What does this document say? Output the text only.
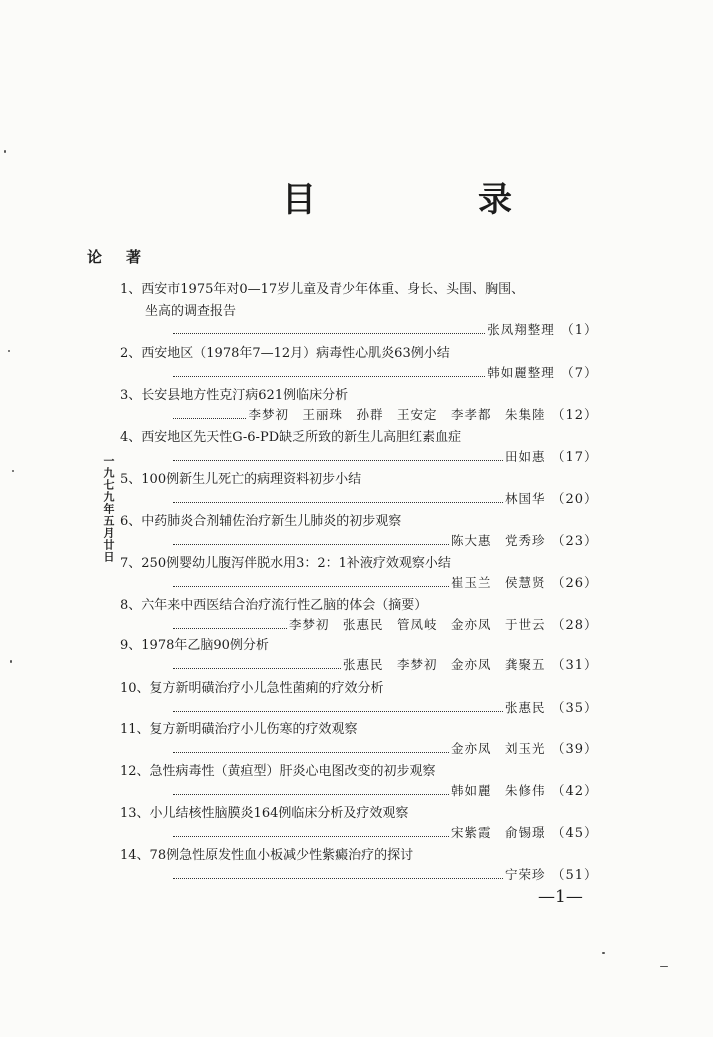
目　录
论著
一九七九年五月廿日
1、西安市1975年对0—17岁儿童及青少年体重、身长、头围、胸围、
坐高的调查报告
张凤翔整理 （1）
2、西安地区（1978年7—12月）病毒性心肌炎63例小结
韩如麗整理 （7）
3、长安县地方性克汀病621例临床分析
李梦初　王丽珠　孙群　王安定　李孝都　朱集陸 （12）
4、西安地区先天性G-6-PD缺乏所致的新生儿高胆红素血症
田如惠 （17）
5、100例新生儿死亡的病理资料初步小结
林国华 （20）
6、中药肺炎合剂辅佐治疗新生儿肺炎的初步观察
陈大惠　党秀珍 （23）
7、250例婴幼儿腹泻伴脱水用3：2：1补液疗效观察小结
崔玉兰　侯慧贤 （26）
8、六年来中西医结合治疗流行性乙脑的体会（摘要）
李梦初　张惠民　管凤岐　金亦凤　于世云 （28）
9、1978年乙脑90例分析
张惠民　李梦初　金亦凤　龚聚五 （31）
10、复方新明磺治疗小儿急性菌痢的疗效分析
张惠民 （35）
11、复方新明磺治疗小儿伤寒的疗效观察
金亦凤　刘玉光 （39）
12、急性病毒性（黄疸型）肝炎心电图改变的初步观察
韩如麗　朱修伟 （42）
13、小儿结核性脑膜炎164例临床分析及疗效观察
宋紫霞　俞锡璟 （45）
14、78例急性原发性血小板减少性紫癜治疗的探讨
宁荣珍 （51）
—1—
